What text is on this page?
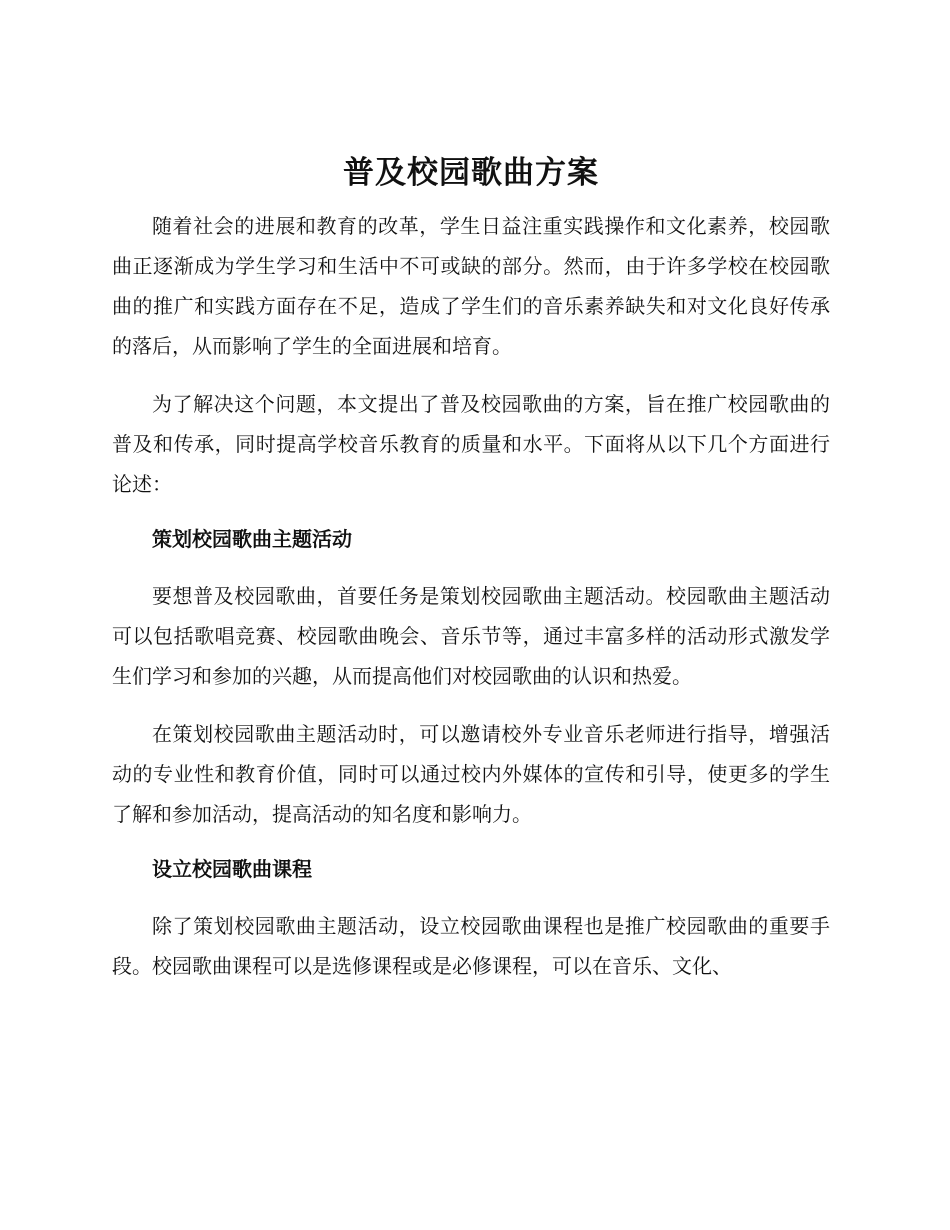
普及校园歌曲方案

随着社会的进展和教育的改革，学生日益注重实践操作和文化素养，校园歌曲正逐渐成为学生学习和生活中不可或缺的部分。然而，由于许多学校在校园歌曲的推广和实践方面存在不足，造成了学生们的音乐素养缺失和对文化良好传承的落后，从而影响了学生的全面进展和培育。

为了解决这个问题，本文提出了普及校园歌曲的方案，旨在推广校园歌曲的普及和传承，同时提高学校音乐教育的质量和水平。下面将从以下几个方面进行论述：

策划校园歌曲主题活动

要想普及校园歌曲，首要任务是策划校园歌曲主题活动。校园歌曲主题活动可以包括歌唱竞赛、校园歌曲晚会、音乐节等，通过丰富多样的活动形式激发学生们学习和参加的兴趣，从而提高他们对校园歌曲的认识和热爱。

在策划校园歌曲主题活动时，可以邀请校外专业音乐老师进行指导，增强活动的专业性和教育价值，同时可以通过校内外媒体的宣传和引导，使更多的学生了解和参加活动，提高活动的知名度和影响力。

设立校园歌曲课程

除了策划校园歌曲主题活动，设立校园歌曲课程也是推广校园歌曲的重要手段。校园歌曲课程可以是选修课程或是必修课程，可以在音乐、文化、
